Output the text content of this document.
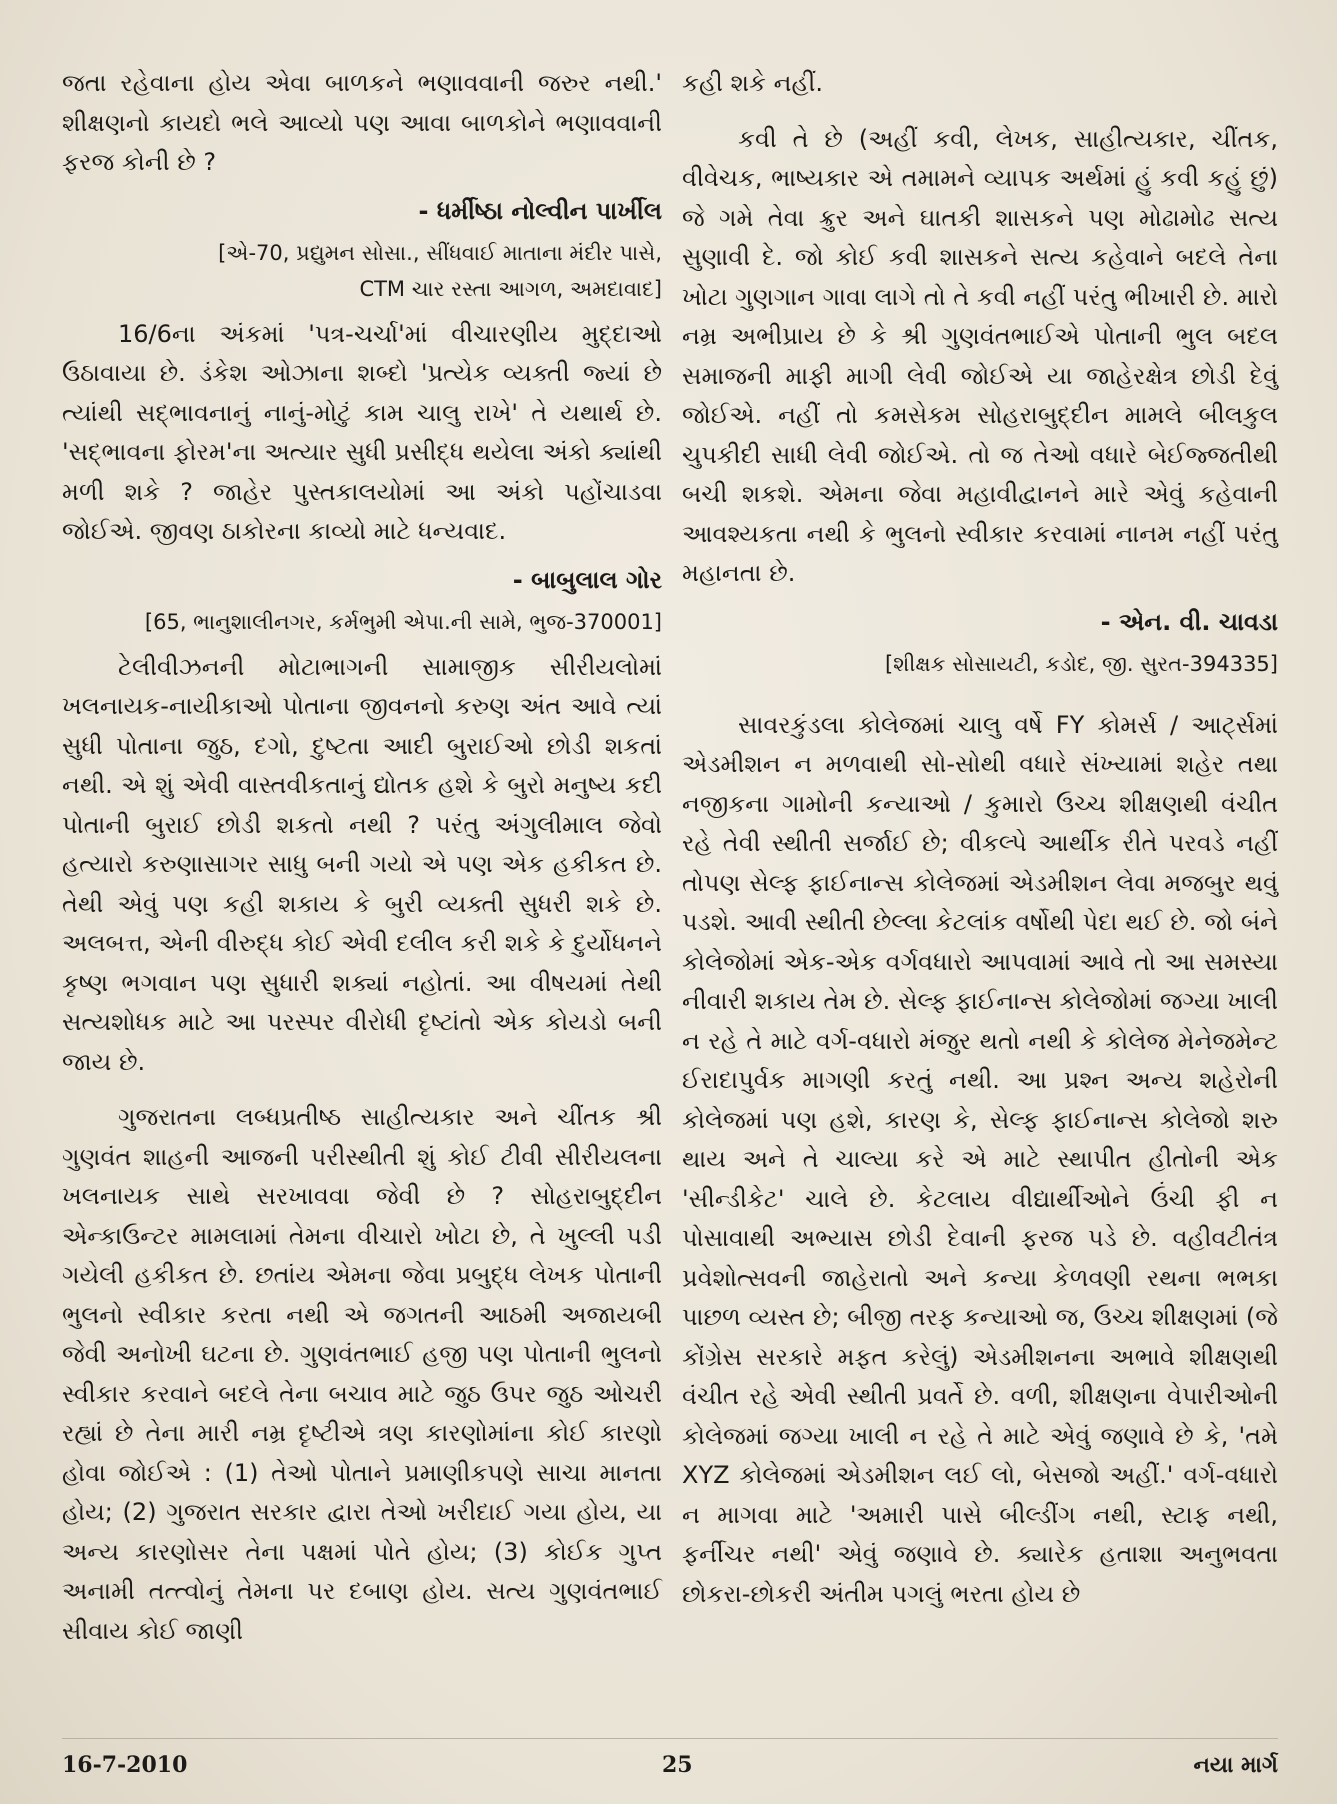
જતા રહેવાના હોય એવા બાળકને ભણાવવાની જરુર નથી.' શીક્ષણનો કાયદો ભલે આવ્યો પણ આવા બાળકોને ભણાવવાની ફરજ કોની છે ?

- ધર્મીષ્ઠા નોલ્વીન પાર્ખીલ
[એ-70, પ્રદ્યુમન સોસા., સીંધવાઈ માતાના મંદીર પાસે,
CTM ચાર રસ્તા આગળ, અમદાવાદ]

16/6ના અંકમાં 'પત્ર-ચર્ચા'માં વીચારણીય મુદ્દાઓ ઉઠાવાયા છે. ડંકેશ ઓઝાના શબ્દો 'પ્રત્યેક વ્યક્તી જ્યાં છે ત્યાંથી સદ્ભાવનાનું નાનું-મોટું કામ ચાલુ રાખે' તે યથાર્થ છે. 'સદ્ભાવના ફોરમ'ના અત્યાર સુધી પ્રસીદ્ધ થયેલા અંકો ક્યાંથી મળી શકે ? જાહેર પુસ્તકાલયોમાં આ અંકો પહોંચાડવા જોઈએ. જીવણ ઠાકોરના કાવ્યો માટે ધન્યવાદ.

- બાબુલાલ ગોર
[65, ભાનુશાલીનગર, કર્મભુમી એપા.ની સામે, ભુજ-370001]

ટેલીવીઝનની મોટાભાગની સામાજીક સીરીયલોમાં ખલનાયક-નાયીકાઓ પોતાના જીવનનો કરુણ અંત આવે ત્યાં સુધી પોતાના જુઠ, દગો, દુષ્ટતા આદી બુરાઈઓ છોડી શકતાં નથી. એ શું એવી વાસ્તવીકતાનું દ્યોતક હશે કે બુરો મનુષ્ય કદી પોતાની બુરાઈ છોડી શકતો નથી ? પરંતુ અંગુલીમાલ જેવો હત્યારો કરુણાસાગર સાધુ બની ગયો એ પણ એક હકીકત છે. તેથી એવું પણ કહી શકાય કે બુરી વ્યક્તી સુધરી શકે છે. અલબત્ત, એની વીરુદ્ધ કોઈ એવી દલીલ કરી શકે કે દુર્યોધનને કૃષ્ણ ભગવાન પણ સુધારી શક્યાં નહોતાં. આ વીષયમાં તેથી સત્યશોધક માટે આ પરસ્પર વીરોધી દૃષ્ટાંતો એક કોયડો બની જાય છે.

ગુજરાતના લબ્ધપ્રતીષ્ઠ સાહીત્યકાર અને ચીંતક શ્રી ગુણવંત શાહની આજની પરીસ્થીતી શું કોઈ ટીવી સીરીયલના ખલનાયક સાથે સરખાવવા જેવી છે ? સોહરાબુદ્દીન એન્કાઉન્ટર મામલામાં તેમના વીચારો ખોટા છે, તે ખુલ્લી પડી ગયેલી હકીકત છે. છતાંય એમના જેવા પ્રબુદ્ધ લેખક પોતાની ભુલનો સ્વીકાર કરતા નથી એ જગતની આઠમી અજાયબી જેવી અનોખી ઘટના છે. ગુણવંતભાઈ હજી પણ પોતાની ભુલનો સ્વીકાર કરવાને બદલે તેના બચાવ માટે જુઠ ઉપર જુઠ ઓચરી રહ્યાં છે તેના મારી નમ્ર દૃષ્ટીએ ત્રણ કારણોમાંના કોઈ કારણો હોવા જોઈએ : (1) તેઓ પોતાને પ્રમાણીકપણે સાચા માનતા હોય; (2) ગુજરાત સરકાર દ્વારા તેઓ ખરીદાઈ ગયા હોય, યા અન્ય કારણોસર તેના પક્ષમાં પોતે હોય; (3) કોઈક ગુપ્ત અનામી તત્ત્વોનું તેમના પર દબાણ હોય. સત્ય ગુણવંતભાઈ સીવાય કોઈ જાણી

કહી શકે નહીં.

કવી તે છે (અહીં કવી, લેખક, સાહીત્યકાર, ચીંતક, વીવેચક, ભાષ્યકાર એ તમામને વ્યાપક અર્થમાં હું કવી કહું છું) જે ગમે તેવા ક્રુર અને ઘાતકી શાસકને પણ મોઢામોઢ સત્ય સુણાવી દે. જો કોઈ કવી શાસકને સત્ય કહેવાને બદલે તેના ખોટા ગુણગાન ગાવા લાગે તો તે કવી નહીં પરંતુ ભીખારી છે. મારો નમ્ર અભીપ્રાય છે કે શ્રી ગુણવંતભાઈએ પોતાની ભુલ બદલ સમાજની માફી માગી લેવી જોઈએ યા જાહેરક્ષેત્ર છોડી દેવું જોઈએ. નહીં તો કમસેકમ સોહરાબુદ્દીન મામલે બીલકુલ ચુપકીદી સાધી લેવી જોઈએ. તો જ તેઓ વધારે બેઈજ્જતીથી બચી શકશે. એમના જેવા મહાવીદ્વાનને મારે એવું કહેવાની આવશ્યકતા નથી કે ભુલનો સ્વીકાર કરવામાં નાનમ નહીં પરંતુ મહાનતા છે.

- એન. વી. ચાવડા
[શીક્ષક સોસાયટી, કડોદ, જી. સુરત-394335]

સાવરકુંડલા કોલેજમાં ચાલુ વર્ષે FY કોમર્સ / આર્ટ્સમાં એડમીશન ન મળવાથી સો-સોથી વધારે સંખ્યામાં શહેર તથા નજીકના ગામોની કન્યાઓ / કુમારો ઉચ્ચ શીક્ષણથી વંચીત રહે તેવી સ્થીતી સર્જાઈ છે; વીકલ્પે આર્થીક રીતે પરવડે નહીં તોપણ સેલ્ફ ફાઈનાન્સ કોલેજમાં એડમીશન લેવા મજબુર થવું પડશે. આવી સ્થીતી છેલ્લા કેટલાંક વર્ષોથી પેદા થઈ છે. જો બંને કોલેજોમાં એક-એક વર્ગવધારો આપવામાં આવે તો આ સમસ્યા નીવારી શકાય તેમ છે. સેલ્ફ ફાઈનાન્સ કોલેજોમાં જગ્યા ખાલી ન રહે તે માટે વર્ગ-વધારો મંજુર થતો નથી કે કોલેજ મેનેજમેન્ટ ઈરાદાપુર્વક માગણી કરતું નથી. આ પ્રશ્ન અન્ય શહેરોની કોલેજમાં પણ હશે, કારણ કે, સેલ્ફ ફાઈનાન્સ કોલેજો શરુ થાય અને તે ચાલ્યા કરે એ માટે સ્થાપીત હીતોની એક 'સીન્ડીકેટ' ચાલે છે. કેટલાય વીદ્યાર્થીઓને ઉંચી ફી ન પોસાવાથી અભ્યાસ છોડી દેવાની ફરજ પડે છે. વહીવટીતંત્ર પ્રવેશોત્સવની જાહેરાતો અને કન્યા કેળવણી રથના ભભકા પાછળ વ્યસ્ત છે; બીજી તરફ કન્યાઓ જ, ઉચ્ચ શીક્ષણમાં (જે કોંગ્રેસ સરકારે મફત કરેલું) એડમીશનના અભાવે શીક્ષણથી વંચીત રહે એવી સ્થીતી પ્રવર્તે છે. વળી, શીક્ષણના વેપારીઓની કોલેજમાં જગ્યા ખાલી ન રહે તે માટે એવું જણાવે છે કે, 'તમે XYZ કોલેજમાં એડમીશન લઈ લો, બેસજો અહીં.' વર્ગ-વધારો ન માગવા માટે 'અમારી પાસે બીલ્ડીંગ નથી, સ્ટાફ નથી, ફર્નીચર નથી' એવું જણાવે છે. ક્યારેક હતાશા અનુભવતા છોકરા-છોકરી અંતીમ પગલું ભરતા હોય છે

16-7-2010	25	નયા માર્ગ
